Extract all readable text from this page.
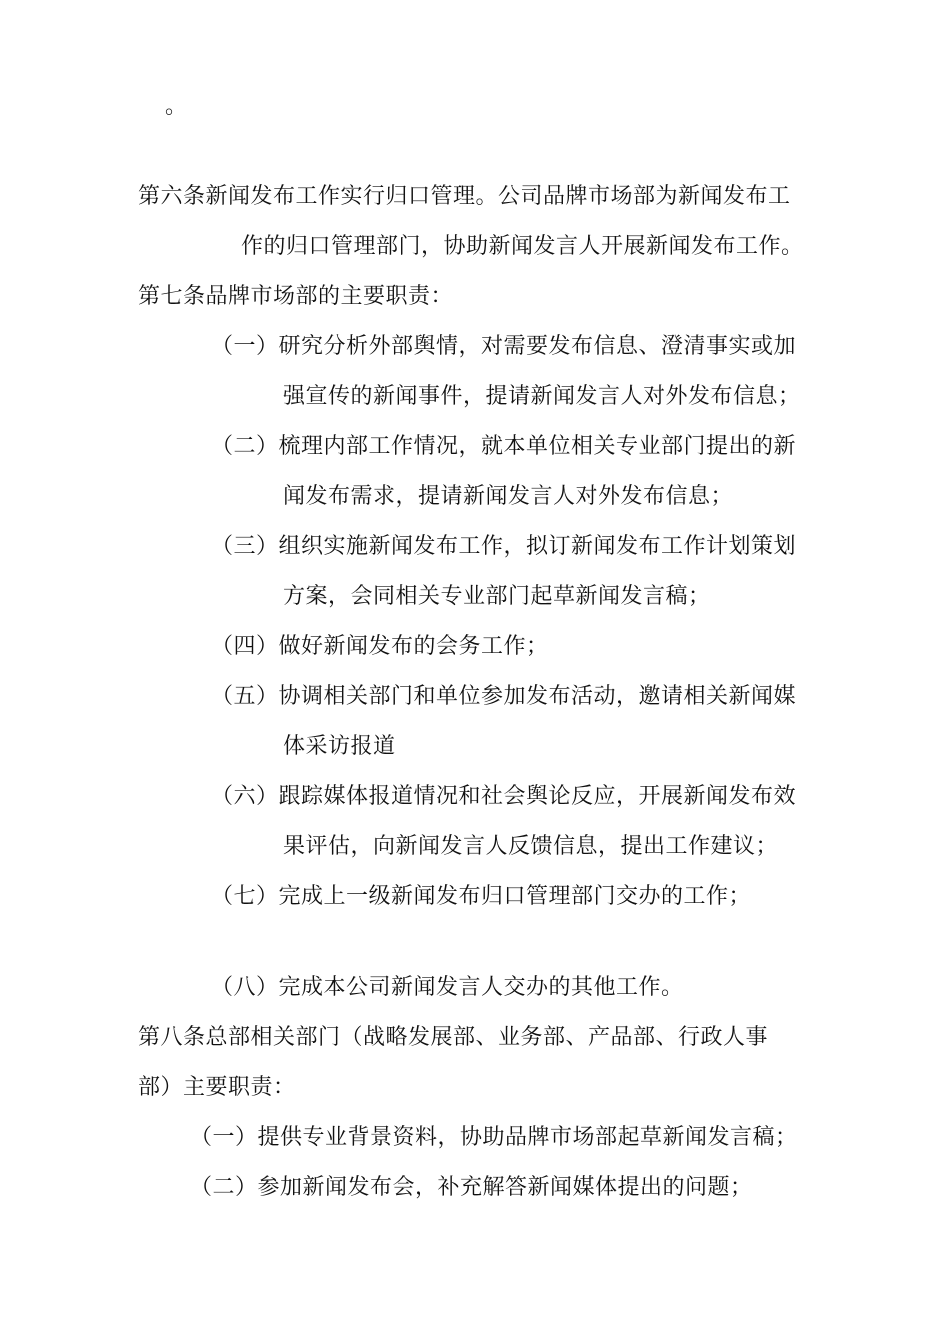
。
第六条新闻发布工作实行归口管理。公司品牌市场部为新闻发布工
作的归口管理部门，协助新闻发言人开展新闻发布工作。
第七条品牌市场部的主要职责：
（一）研究分析外部舆情，对需要发布信息、澄清事实或加
强宣传的新闻事件，提请新闻发言人对外发布信息；
（二）梳理内部工作情况，就本单位相关专业部门提出的新
闻发布需求，提请新闻发言人对外发布信息；
（三）组织实施新闻发布工作，拟订新闻发布工作计划策划
方案，会同相关专业部门起草新闻发言稿；
（四）做好新闻发布的会务工作；
（五）协调相关部门和单位参加发布活动，邀请相关新闻媒
体采访报道
（六）跟踪媒体报道情况和社会舆论反应，开展新闻发布效
果评估，向新闻发言人反馈信息，提出工作建议；
（七）完成上一级新闻发布归口管理部门交办的工作；
（八）完成本公司新闻发言人交办的其他工作。
第八条总部相关部门（战略发展部、业务部、产品部、行政人事
部）主要职责：
（一）提供专业背景资料，协助品牌市场部起草新闻发言稿；
（二）参加新闻发布会，补充解答新闻媒体提出的问题；
